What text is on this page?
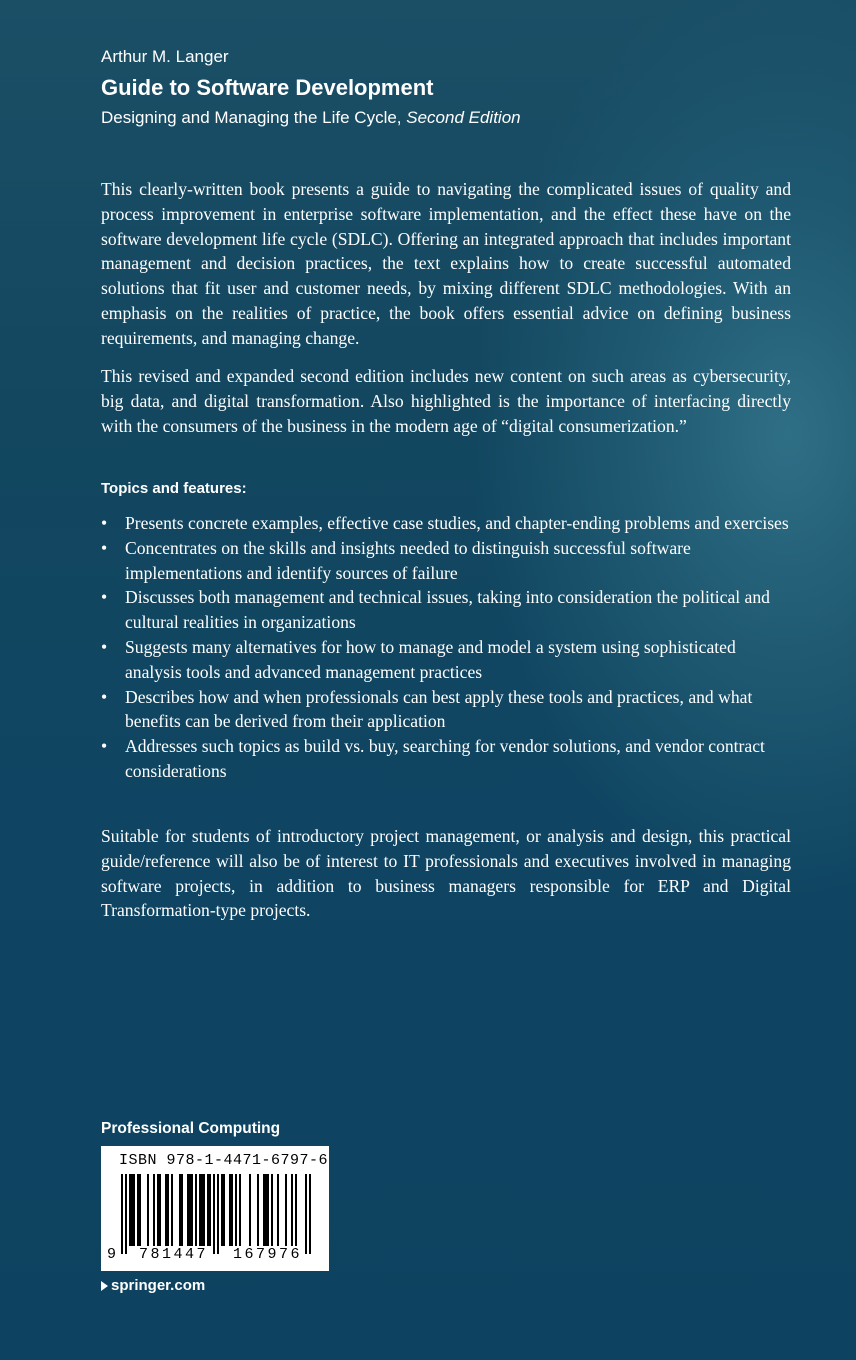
Arthur M. Langer
Guide to Software Development
Designing and Managing the Life Cycle, Second Edition

This clearly-written book presents a guide to navigating the complicated issues of quality and process improvement in enterprise software implementation, and the effect these have on the software development life cycle (SDLC). Offering an integrated approach that includes important management and decision practices, the text explains how to create successful automated solutions that fit user and customer needs, by mixing different SDLC methodologies. With an emphasis on the realities of practice, the book offers essential advice on defining business requirements, and managing change.

This revised and expanded second edition includes new content on such areas as cybersecurity, big data, and digital transformation. Also highlighted is the importance of interfacing directly with the consumers of the business in the modern age of “digital consumerization.”

Topics and features:
• Presents concrete examples, effective case studies, and chapter-ending problems and exercises
• Concentrates on the skills and insights needed to distinguish successful software implementations and identify sources of failure
• Discusses both management and technical issues, taking into consideration the political and cultural realities in organizations
• Suggests many alternatives for how to manage and model a system using sophisticated analysis tools and advanced management practices
• Describes how and when professionals can best apply these tools and practices, and what benefits can be derived from their application
• Addresses such topics as build vs. buy, searching for vendor solutions, and vendor contract considerations

Suitable for students of introductory project management, or analysis and design, this practical guide/reference will also be of interest to IT professionals and executives involved in managing software projects, in addition to business managers responsible for ERP and Digital Transformation-type projects.

Professional Computing
ISBN 978-1-4471-6797-6
9 781447 167976
springer.com
